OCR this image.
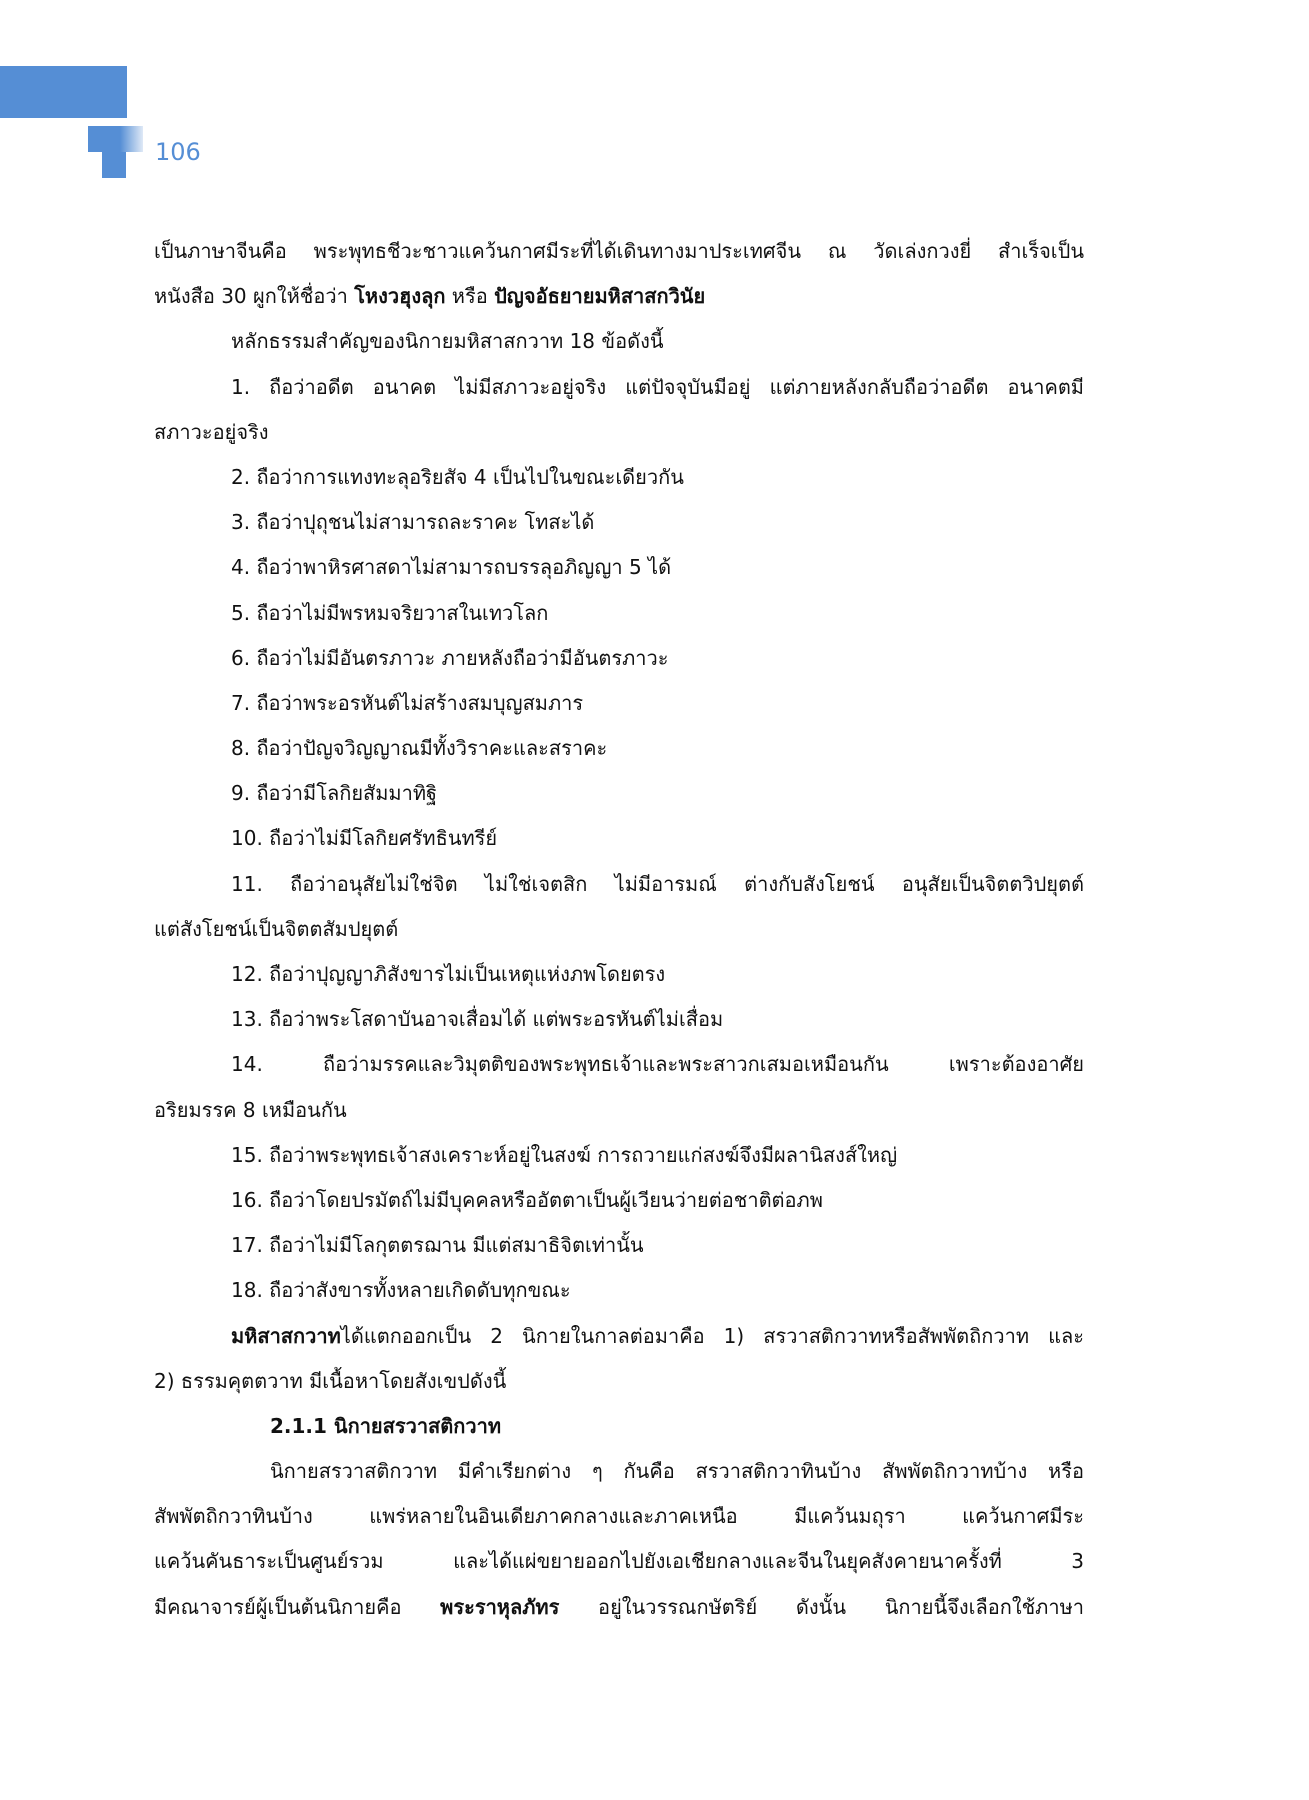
106
เป็นภาษาจีนคือ พระพุทธชีวะชาวแคว้นกาศมีระที่ได้เดินทางมาประเทศจีน ณ วัดเล่งกวงยี่ สำเร็จเป็น
หนังสือ 30 ผูกให้ชื่อว่า โหงวฮุงลุก หรือ ปัญจอัธยายมหิสาสกวินัย
หลักธรรมสำคัญของนิกายมหิสาสกวาท 18 ข้อดังนี้
1. ถือว่าอดีต อนาคต ไม่มีสภาวะอยู่จริง แต่ปัจจุบันมีอยู่ แต่ภายหลังกลับถือว่าอดีต อนาคตมี
สภาวะอยู่จริง
2. ถือว่าการแทงทะลุอริยสัจ 4 เป็นไปในขณะเดียวกัน
3. ถือว่าปุถุชนไม่สามารถละราคะ โทสะได้
4. ถือว่าพาหิรศาสดาไม่สามารถบรรลุอภิญญา 5 ได้
5. ถือว่าไม่มีพรหมจริยวาสในเทวโลก
6. ถือว่าไม่มีอันตรภาวะ ภายหลังถือว่ามีอันตรภาวะ
7. ถือว่าพระอรหันต์ไม่สร้างสมบุญสมภาร
8. ถือว่าปัญจวิญญาณมีทั้งวิราคะและสราคะ
9. ถือว่ามีโลกิยสัมมาทิฐิ
10. ถือว่าไม่มีโลกิยศรัทธินทรีย์
11. ถือว่าอนุสัยไม่ใช่จิต ไม่ใช่เจตสิก ไม่มีอารมณ์ ต่างกับสังโยชน์ อนุสัยเป็นจิตตวิปยุตต์
แต่สังโยชน์เป็นจิตตสัมปยุตต์
12. ถือว่าปุญญาภิสังขารไม่เป็นเหตุแห่งภพโดยตรง
13. ถือว่าพระโสดาบันอาจเสื่อมได้ แต่พระอรหันต์ไม่เสื่อม
14. ถือว่ามรรคและวิมุตติของพระพุทธเจ้าและพระสาวกเสมอเหมือนกัน เพราะต้องอาศัย
อริยมรรค 8 เหมือนกัน
15. ถือว่าพระพุทธเจ้าสงเคราะห์อยู่ในสงฆ์ การถวายแก่สงฆ์จึงมีผลานิสงส์ใหญ่
16. ถือว่าโดยปรมัตถ์ไม่มีบุคคลหรืออัตตาเป็นผู้เวียนว่ายต่อชาติต่อภพ
17. ถือว่าไม่มีโลกุตตรฌาน มีแต่สมาธิจิตเท่านั้น
18. ถือว่าสังขารทั้งหลายเกิดดับทุกขณะ
มหิสาสกวาทได้แตกออกเป็น 2 นิกายในกาลต่อมาคือ 1) สรวาสติกวาทหรือสัพพัตถิกวาท และ
2) ธรรมคุตตวาท มีเนื้อหาโดยสังเขปดังนี้
2.1.1 นิกายสรวาสติกวาท
นิกายสรวาสติกวาท มีคำเรียกต่าง ๆ กันคือ สรวาสติกวาทินบ้าง สัพพัตถิกวาทบ้าง หรือ
สัพพัตถิกวาทินบ้าง แพร่หลายในอินเดียภาคกลางและภาคเหนือ มีแคว้นมถุรา แคว้นกาศมีระ
แคว้นคันธาระเป็นศูนย์รวม และได้แผ่ขยายออกไปยังเอเชียกลางและจีนในยุคสังคายนาครั้งที่ 3
มีคณาจารย์ผู้เป็นต้นนิกายคือ พระราหุลภัทร อยู่ในวรรณกษัตริย์ ดังนั้น นิกายนี้จึงเลือกใช้ภาษา
